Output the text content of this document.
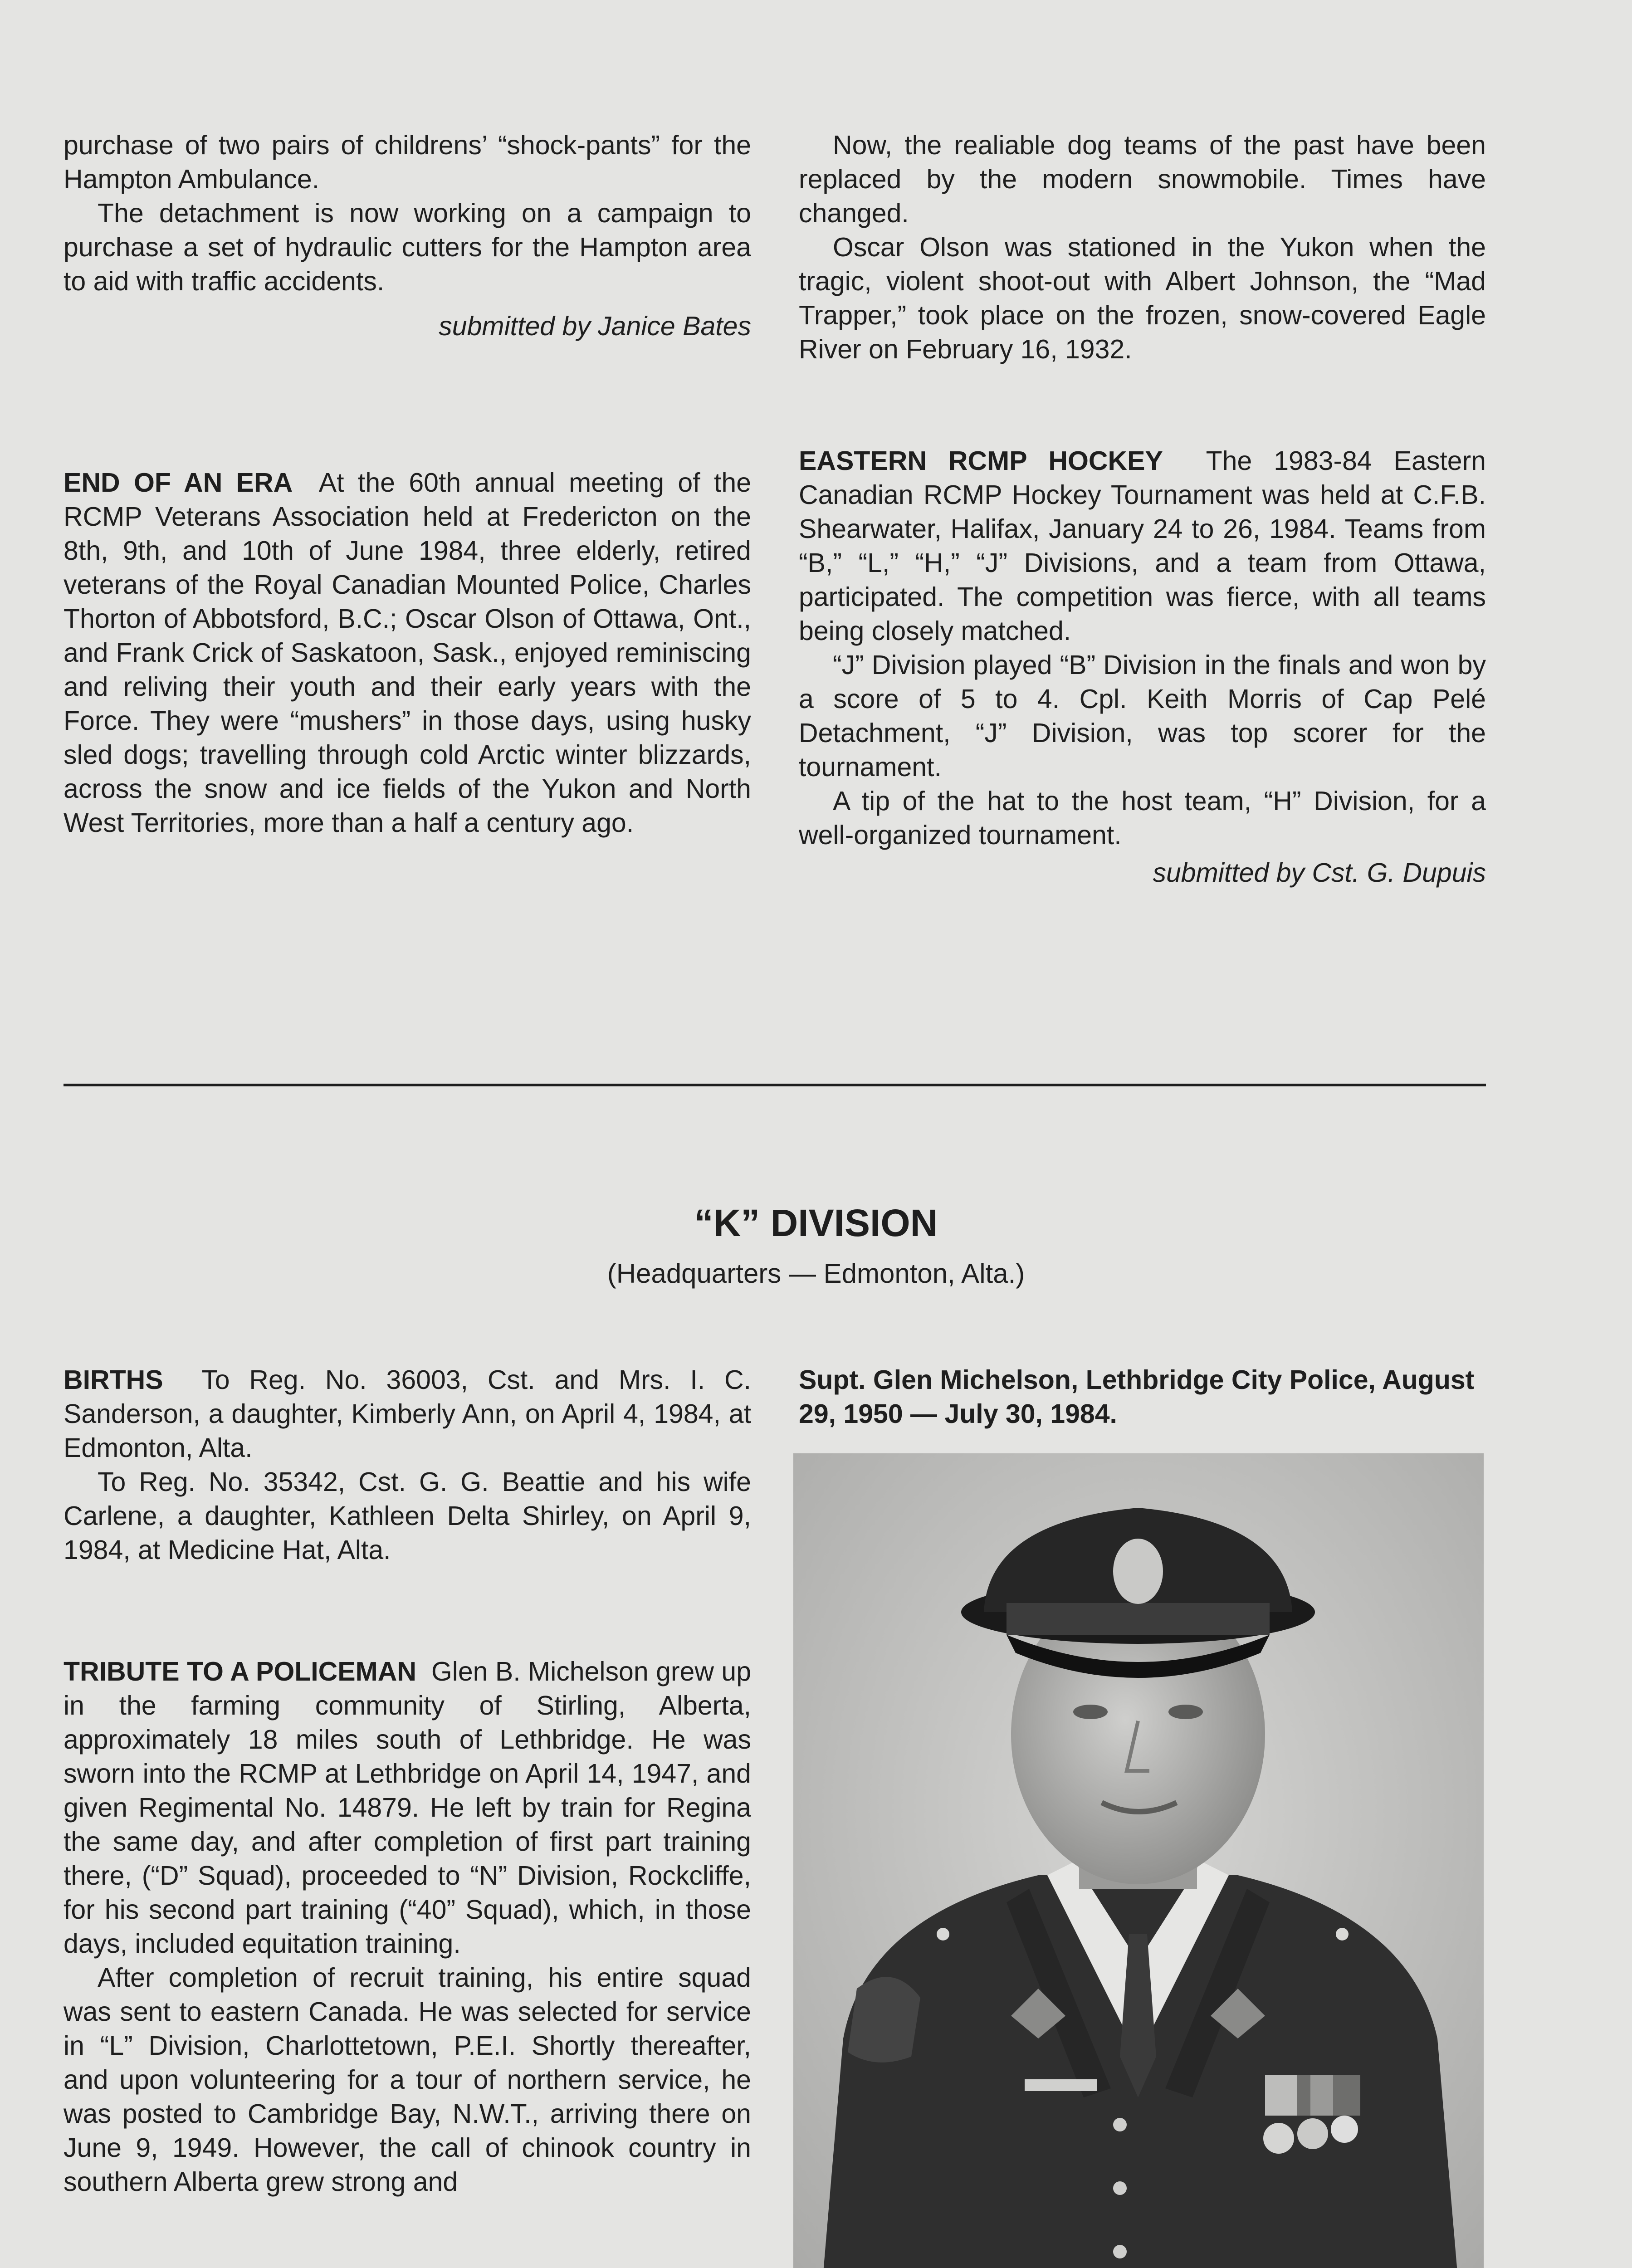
purchase of two pairs of childrens’ “shock-pants” for the Hampton Ambulance.

The detachment is now working on a campaign to purchase a set of hydraulic cutters for the Hampton area to aid with traffic accidents.

submitted by Janice Bates

END OF AN ERA At the 60th annual meeting of the RCMP Veterans Association held at Fredericton on the 8th, 9th, and 10th of June 1984, three elderly, retired veterans of the Royal Canadian Mounted Police, Charles Thorton of Abbotsford, B.C.; Oscar Olson of Ottawa, Ont., and Frank Crick of Saskatoon, Sask., enjoyed reminiscing and reliving their youth and their early years with the Force. They were “mushers” in those days, using husky sled dogs; travelling through cold Arctic winter blizzards, across the snow and ice fields of the Yukon and North West Territories, more than a half a century ago.

Now, the realiable dog teams of the past have been replaced by the modern snowmobile. Times have changed.

Oscar Olson was stationed in the Yukon when the tragic, violent shoot-out with Albert Johnson, the “Mad Trapper,” took place on the frozen, snow-covered Eagle River on February 16, 1932.

EASTERN RCMP HOCKEY The 1983-84 Eastern Canadian RCMP Hockey Tournament was held at C.F.B. Shearwater, Halifax, January 24 to 26, 1984. Teams from “B,” “L,” “H,” “J” Divisions, and a team from Ottawa, participated. The competition was fierce, with all teams being closely matched.

“J” Division played “B” Division in the finals and won by a score of 5 to 4. Cpl. Keith Morris of Cap Pelé Detachment, “J” Division, was top scorer for the tournament.

A tip of the hat to the host team, “H” Division, for a well-organized tournament.

submitted by Cst. G. Dupuis

“K” DIVISION
(Headquarters — Edmonton, Alta.)

BIRTHS To Reg. No. 36003, Cst. and Mrs. I. C. Sanderson, a daughter, Kimberly Ann, on April 4, 1984, at Edmonton, Alta.

To Reg. No. 35342, Cst. G. G. Beattie and his wife Carlene, a daughter, Kathleen Delta Shirley, on April 9, 1984, at Medicine Hat, Alta.

TRIBUTE TO A POLICEMAN Glen B. Michelson grew up in the farming community of Stirling, Alberta, approximately 18 miles south of Lethbridge. He was sworn into the RCMP at Lethbridge on April 14, 1947, and given Regimental No. 14879. He left by train for Regina the same day, and after completion of first part training there, (“D” Squad), proceeded to “N” Division, Rockcliffe, for his second part training (“40” Squad), which, in those days, included equitation training.

After completion of recruit training, his entire squad was sent to eastern Canada. He was selected for service in “L” Division, Charlottetown, P.E.I. Shortly thereafter, and upon volunteering for a tour of northern service, he was posted to Cambridge Bay, N.W.T., arriving there on June 9, 1949. However, the call of chinook country in southern Alberta grew strong and

Supt. Glen Michelson, Lethbridge City Police, August 29, 1950 — July 30, 1984.
